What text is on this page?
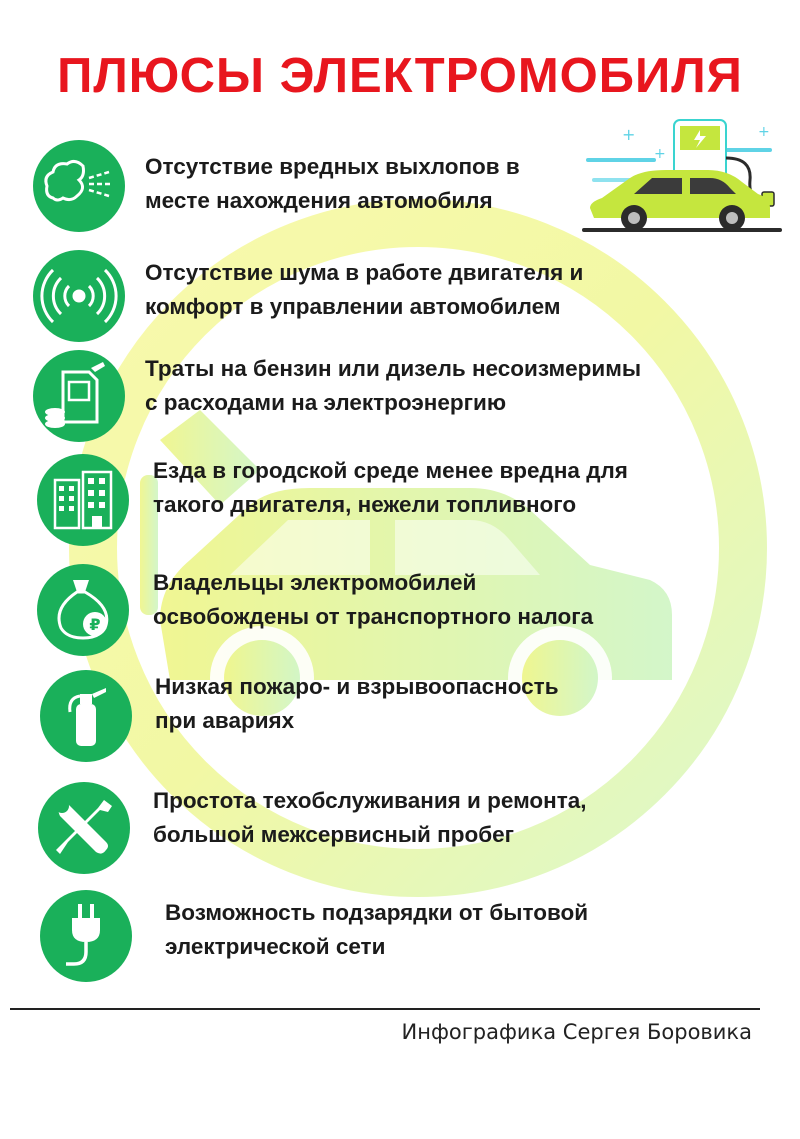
ПЛЮСЫ ЭЛЕКТРОМОБИЛЯ
+
+
+
Отсутствие вредных выхлопов в
месте нахождения автомобиля
Отсутствие шума в работе двигателя и
комфорт в управлении автомобилем
Траты на бензин или дизель несоизмеримы
с расходами на электроэнергию
Езда в городской среде менее вредна для
такого двигателя, нежели топливного
₽
Владельцы электромобилей
освобождены от транспортного налога
Низкая пожаро- и взрывоопасность
при авариях
Простота техобслуживания и ремонта,
большой межсервисный пробег
Возможность подзарядки от бытовой
электрической сети
Инфографика Сергея Боровика
